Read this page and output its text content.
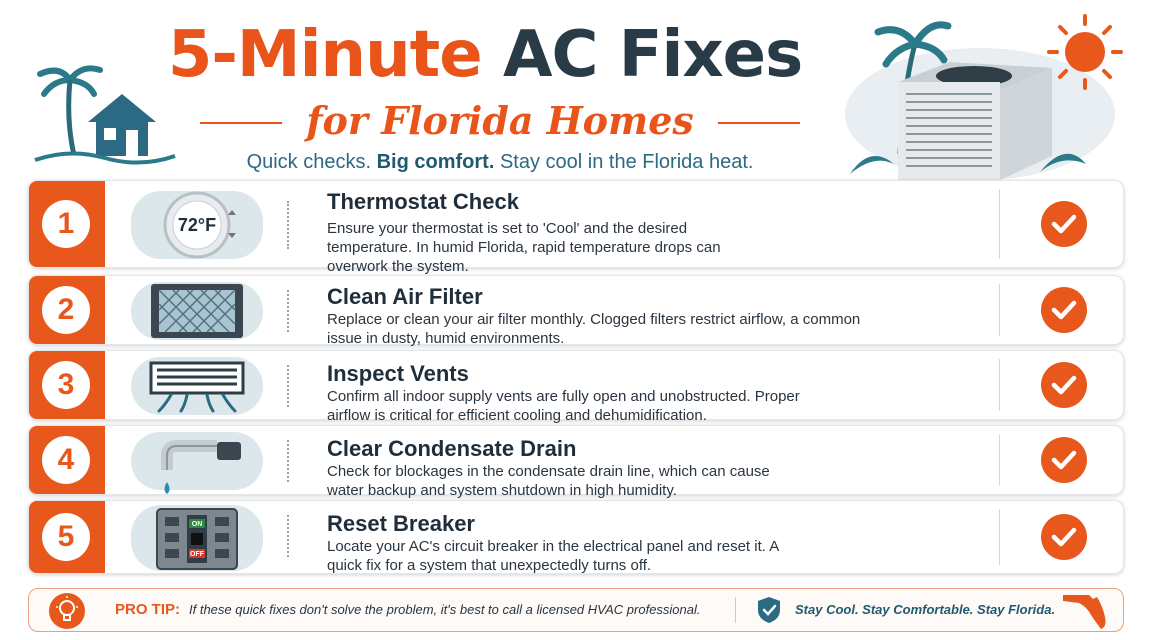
5-Minute AC Fixes
for Florida Homes
Quick checks. Big comfort. Stay cool in the Florida heat.
1	72°F
Thermostat Check
Ensure your thermostat is set to 'Cool' and the desired temperature. In humid Florida, rapid temperature drops can overwork the system.
2	Clean Air Filter
Replace or clean your air filter monthly. Clogged filters restrict airflow, a common issue in dusty, humid environments.
3	Inspect Vents
Confirm all indoor supply vents are fully open and unobstructed. Proper airflow is critical for efficient cooling and dehumidification.
4	Clear Condensate Drain
Check for blockages in the condensate drain line, which can cause water backup and system shutdown in high humidity.
5	ON
OFF
Reset Breaker
Locate your AC's circuit breaker in the electrical panel and reset it. A quick fix for a system that unexpectedly turns off.
PRO TIP: If these quick fixes don't solve the problem, it's best to call a licensed HVAC professional.	Stay Cool. Stay Comfortable. Stay Florida.
